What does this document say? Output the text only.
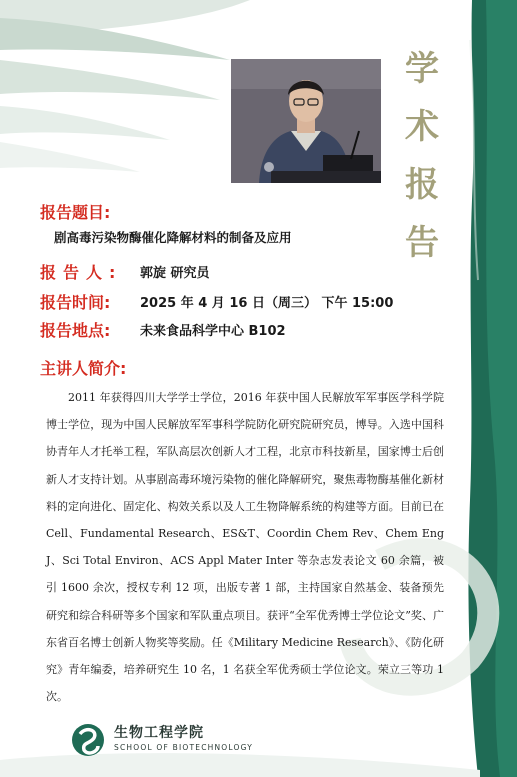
学
术
报
告
报告题目:
剧高毒污染物酶催化降解材料的制备及应用
报告人: 郭旋 研究员
报告时间: 2025 年 4 月 16 日（周三） 下午 15:00
报告地点: 未来食品科学中心 B102
主讲人简介:
2011 年获得四川大学学士学位，2016 年获中国人民解放军军事医学科学院博士学位，现为中国人民解放军军事科学院防化研究院研究员，博导。入选中国科协青年人才托举工程，军队高层次创新人才工程，北京市科技新星，国家博士后创新人才支持计划。从事剧高毒环境污染物的催化降解研究，聚焦毒物酶基催化新材料的定向进化、固定化、构效关系以及人工生物降解系统的构建等方面。目前已在 Cell、Fundamental Research、ES&T、Coordin Chem Rev、Chem Eng J、Sci Total Environ、ACS Appl Mater Inter 等杂志发表论文 60 余篇，被引 1600 余次，授权专利 12 项，出版专著 1 部，主持国家自然基金、装备预先研究和综合科研等多个国家和军队重点项目。获评“全军优秀博士学位论文”奖、广东省百名博士创新人物奖等奖励。任《Military Medicine Research》、《防化研究》青年编委，培养研究生 10 名，1 名获全军优秀硕士学位论文。荣立三等功 1 次。
生物工程学院
SCHOOL OF BIOTECHNOLOGY
